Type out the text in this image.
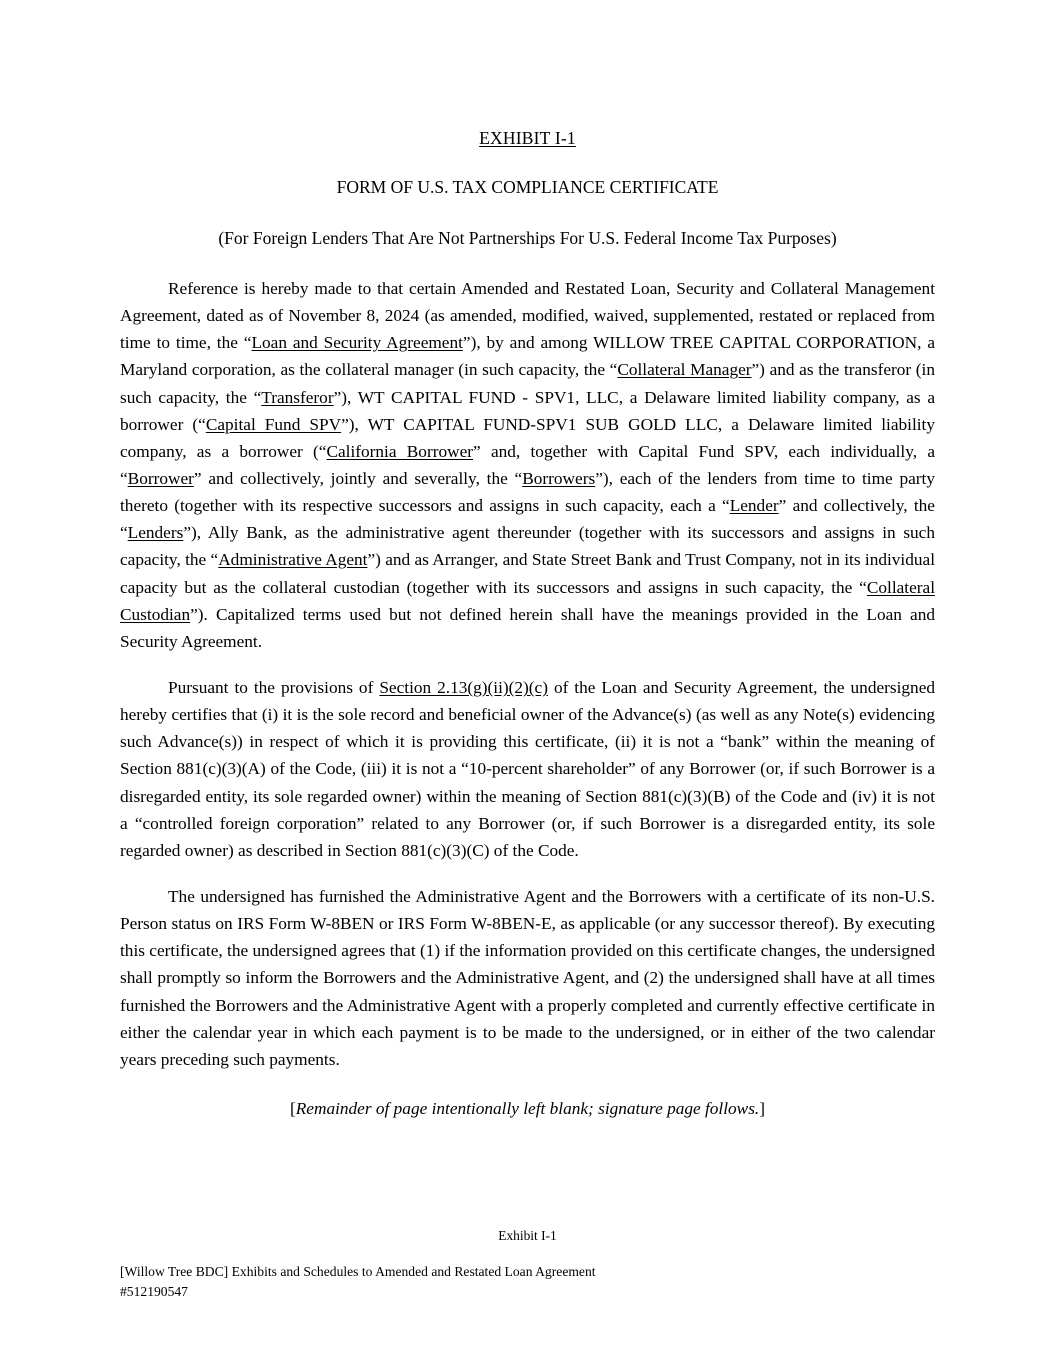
EXHIBIT I-1
FORM OF U.S. TAX COMPLIANCE CERTIFICATE
(For Foreign Lenders That Are Not Partnerships For U.S. Federal Income Tax Purposes)

Reference is hereby made to that certain Amended and Restated Loan, Security and Collateral Management Agreement, dated as of November 8, 2024 (as amended, modified, waived, supplemented, restated or replaced from time to time, the “Loan and Security Agreement”), by and among WILLOW TREE CAPITAL CORPORATION, a Maryland corporation, as the collateral manager (in such capacity, the “Collateral Manager”) and as the transferor (in such capacity, the “Transferor”), WT CAPITAL FUND - SPV1, LLC, a Delaware limited liability company, as a borrower (“Capital Fund SPV”), WT CAPITAL FUND-SPV1 SUB GOLD LLC, a Delaware limited liability company, as a borrower (“California Borrower” and, together with Capital Fund SPV, each individually, a “Borrower” and collectively, jointly and severally, the “Borrowers”), each of the lenders from time to time party thereto (together with its respective successors and assigns in such capacity, each a “Lender” and collectively, the “Lenders”), Ally Bank, as the administrative agent thereunder (together with its successors and assigns in such capacity, the “Administrative Agent”) and as Arranger, and State Street Bank and Trust Company, not in its individual capacity but as the collateral custodian (together with its successors and assigns in such capacity, the “Collateral Custodian”). Capitalized terms used but not defined herein shall have the meanings provided in the Loan and Security Agreement.

Pursuant to the provisions of Section 2.13(g)(ii)(2)(c) of the Loan and Security Agreement, the undersigned hereby certifies that (i) it is the sole record and beneficial owner of the Advance(s) (as well as any Note(s) evidencing such Advance(s)) in respect of which it is providing this certificate, (ii) it is not a “bank” within the meaning of Section 881(c)(3)(A) of the Code, (iii) it is not a “10-percent shareholder” of any Borrower (or, if such Borrower is a disregarded entity, its sole regarded owner) within the meaning of Section 881(c)(3)(B) of the Code and (iv) it is not a “controlled foreign corporation” related to any Borrower (or, if such Borrower is a disregarded entity, its sole regarded owner) as described in Section 881(c)(3)(C) of the Code.

The undersigned has furnished the Administrative Agent and the Borrowers with a certificate of its non-U.S. Person status on IRS Form W-8BEN or IRS Form W-8BEN-E, as applicable (or any successor thereof). By executing this certificate, the undersigned agrees that (1) if the information provided on this certificate changes, the undersigned shall promptly so inform the Borrowers and the Administrative Agent, and (2) the undersigned shall have at all times furnished the Borrowers and the Administrative Agent with a properly completed and currently effective certificate in either the calendar year in which each payment is to be made to the undersigned, or in either of the two calendar years preceding such payments.

[Remainder of page intentionally left blank; signature page follows.]
Exhibit I-1
[Willow Tree BDC] Exhibits and Schedules to Amended and Restated Loan Agreement
#512190547
